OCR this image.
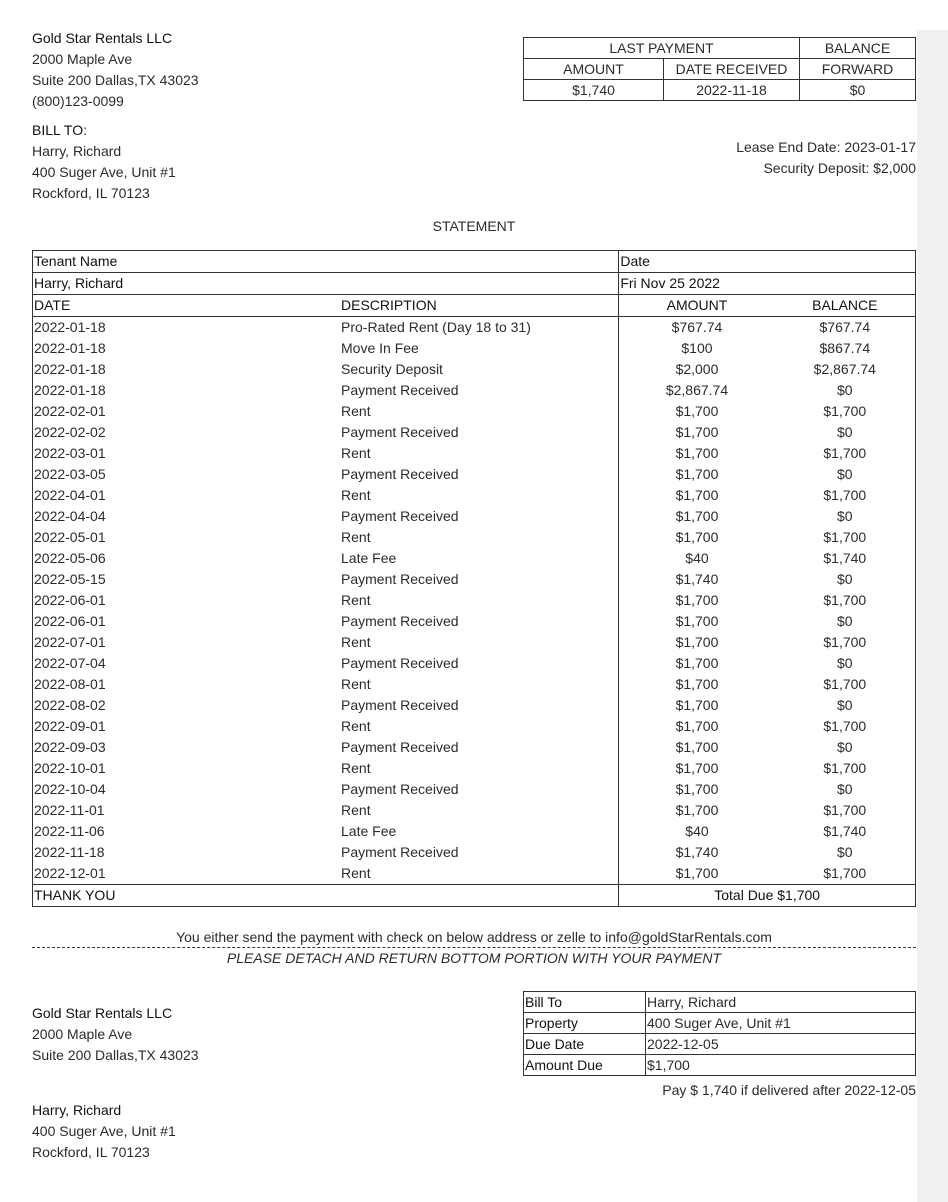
Gold Star Rentals LLC
2000 Maple Ave
Suite 200 Dallas,TX 43023
(800)123-0099
LAST PAYMENT		BALANCE
AMOUNT	DATE RECEIVED	FORWARD
$1,740	2022-11-18	$0
BILL TO:
Harry, Richard
400 Suger Ave, Unit #1
Rockford, IL 70123
Lease End Date: 2023-01-17
Security Deposit: $2,000
STATEMENT
Tenant Name		Date	
Harry, Richard		Fri Nov 25 2022	
DATE	DESCRIPTION	AMOUNT	BALANCE
2022-01-18	Pro-Rated Rent (Day 18 to 31)	$767.74	$767.74
2022-01-18	Move In Fee	$100	$867.74
2022-01-18	Security Deposit	$2,000	$2,867.74
2022-01-18	Payment Received	$2,867.74	$0
2022-02-01	Rent	$1,700	$1,700
2022-02-02	Payment Received	$1,700	$0
2022-03-01	Rent	$1,700	$1,700
2022-03-05	Payment Received	$1,700	$0
2022-04-01	Rent	$1,700	$1,700
2022-04-04	Payment Received	$1,700	$0
2022-05-01	Rent	$1,700	$1,700
2022-05-06	Late Fee	$40	$1,740
2022-05-15	Payment Received	$1,740	$0
2022-06-01	Rent	$1,700	$1,700
2022-06-01	Payment Received	$1,700	$0
2022-07-01	Rent	$1,700	$1,700
2022-07-04	Payment Received	$1,700	$0
2022-08-01	Rent	$1,700	$1,700
2022-08-02	Payment Received	$1,700	$0
2022-09-01	Rent	$1,700	$1,700
2022-09-03	Payment Received	$1,700	$0
2022-10-01	Rent	$1,700	$1,700
2022-10-04	Payment Received	$1,700	$0
2022-11-01	Rent	$1,700	$1,700
2022-11-06	Late Fee	$40	$1,740
2022-11-18	Payment Received	$1,740	$0
2022-12-01	Rent	$1,700	$1,700
THANK YOU		Total Due $1,700	
You either send the payment with check on below address or zelle to info@goldStarRentals.com
PLEASE DETACH AND RETURN BOTTOM PORTION WITH YOUR PAYMENT
Gold Star Rentals LLC
2000 Maple Ave
Suite 200 Dallas,TX 43023
Bill To	Harry, Richard
Property	400 Suger Ave, Unit #1
Due Date	2022-12-05
Amount Due	$1,700
Pay $ 1,740 if delivered after 2022-12-05
Harry, Richard
400 Suger Ave, Unit #1
Rockford, IL 70123
